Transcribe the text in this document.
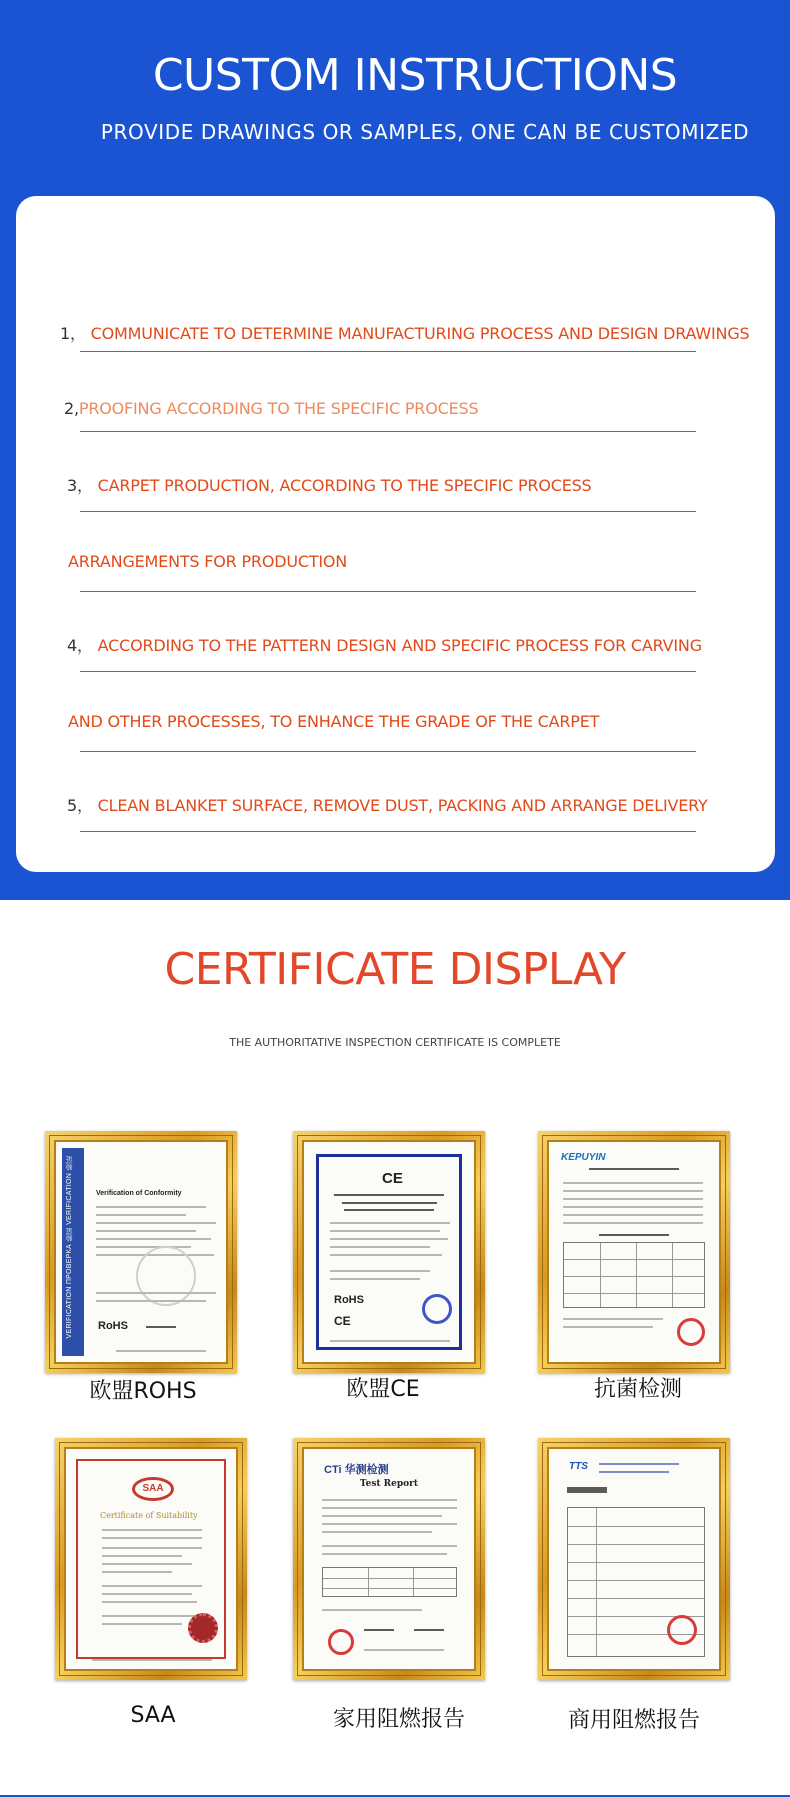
CUSTOM INSTRUCTIONS
PROVIDE DRAWINGS OR SAMPLES, ONE CAN BE CUSTOMIZED
1， COMMUNICATE TO DETERMINE MANUFACTURING PROCESS AND DESIGN DRAWINGS
2,PROOFING ACCORDING TO THE SPECIFIC PROCESS
3， CARPET PRODUCTION, ACCORDING TO THE SPECIFIC PROCESS
ARRANGEMENTS FOR PRODUCTION
4， ACCORDING TO THE PATTERN DESIGN AND SPECIFIC PROCESS FOR CARVING
AND OTHER PROCESSES, TO ENHANCE THE GRADE OF THE CARPET
5， CLEAN BLANKET SURFACE, REMOVE DUST, PACKING AND ARRANGE DELIVERY
CERTIFICATE DISPLAY
THE AUTHORITATIVE INSPECTION CERTIFICATE IS COMPLETE
VERIFICATION ПРОВЕРКА 验证 VERIFICATION 验证	Verification of Conformity
RoHS
欧盟ROHS
CE
RoHS
CE
欧盟CE
KEPUYIN
抗菌检测
SAA
Certificate of Suitability
SAA
CTi 华测检测
Test Report
家用阻燃报告
TTS
商用阻燃报告
